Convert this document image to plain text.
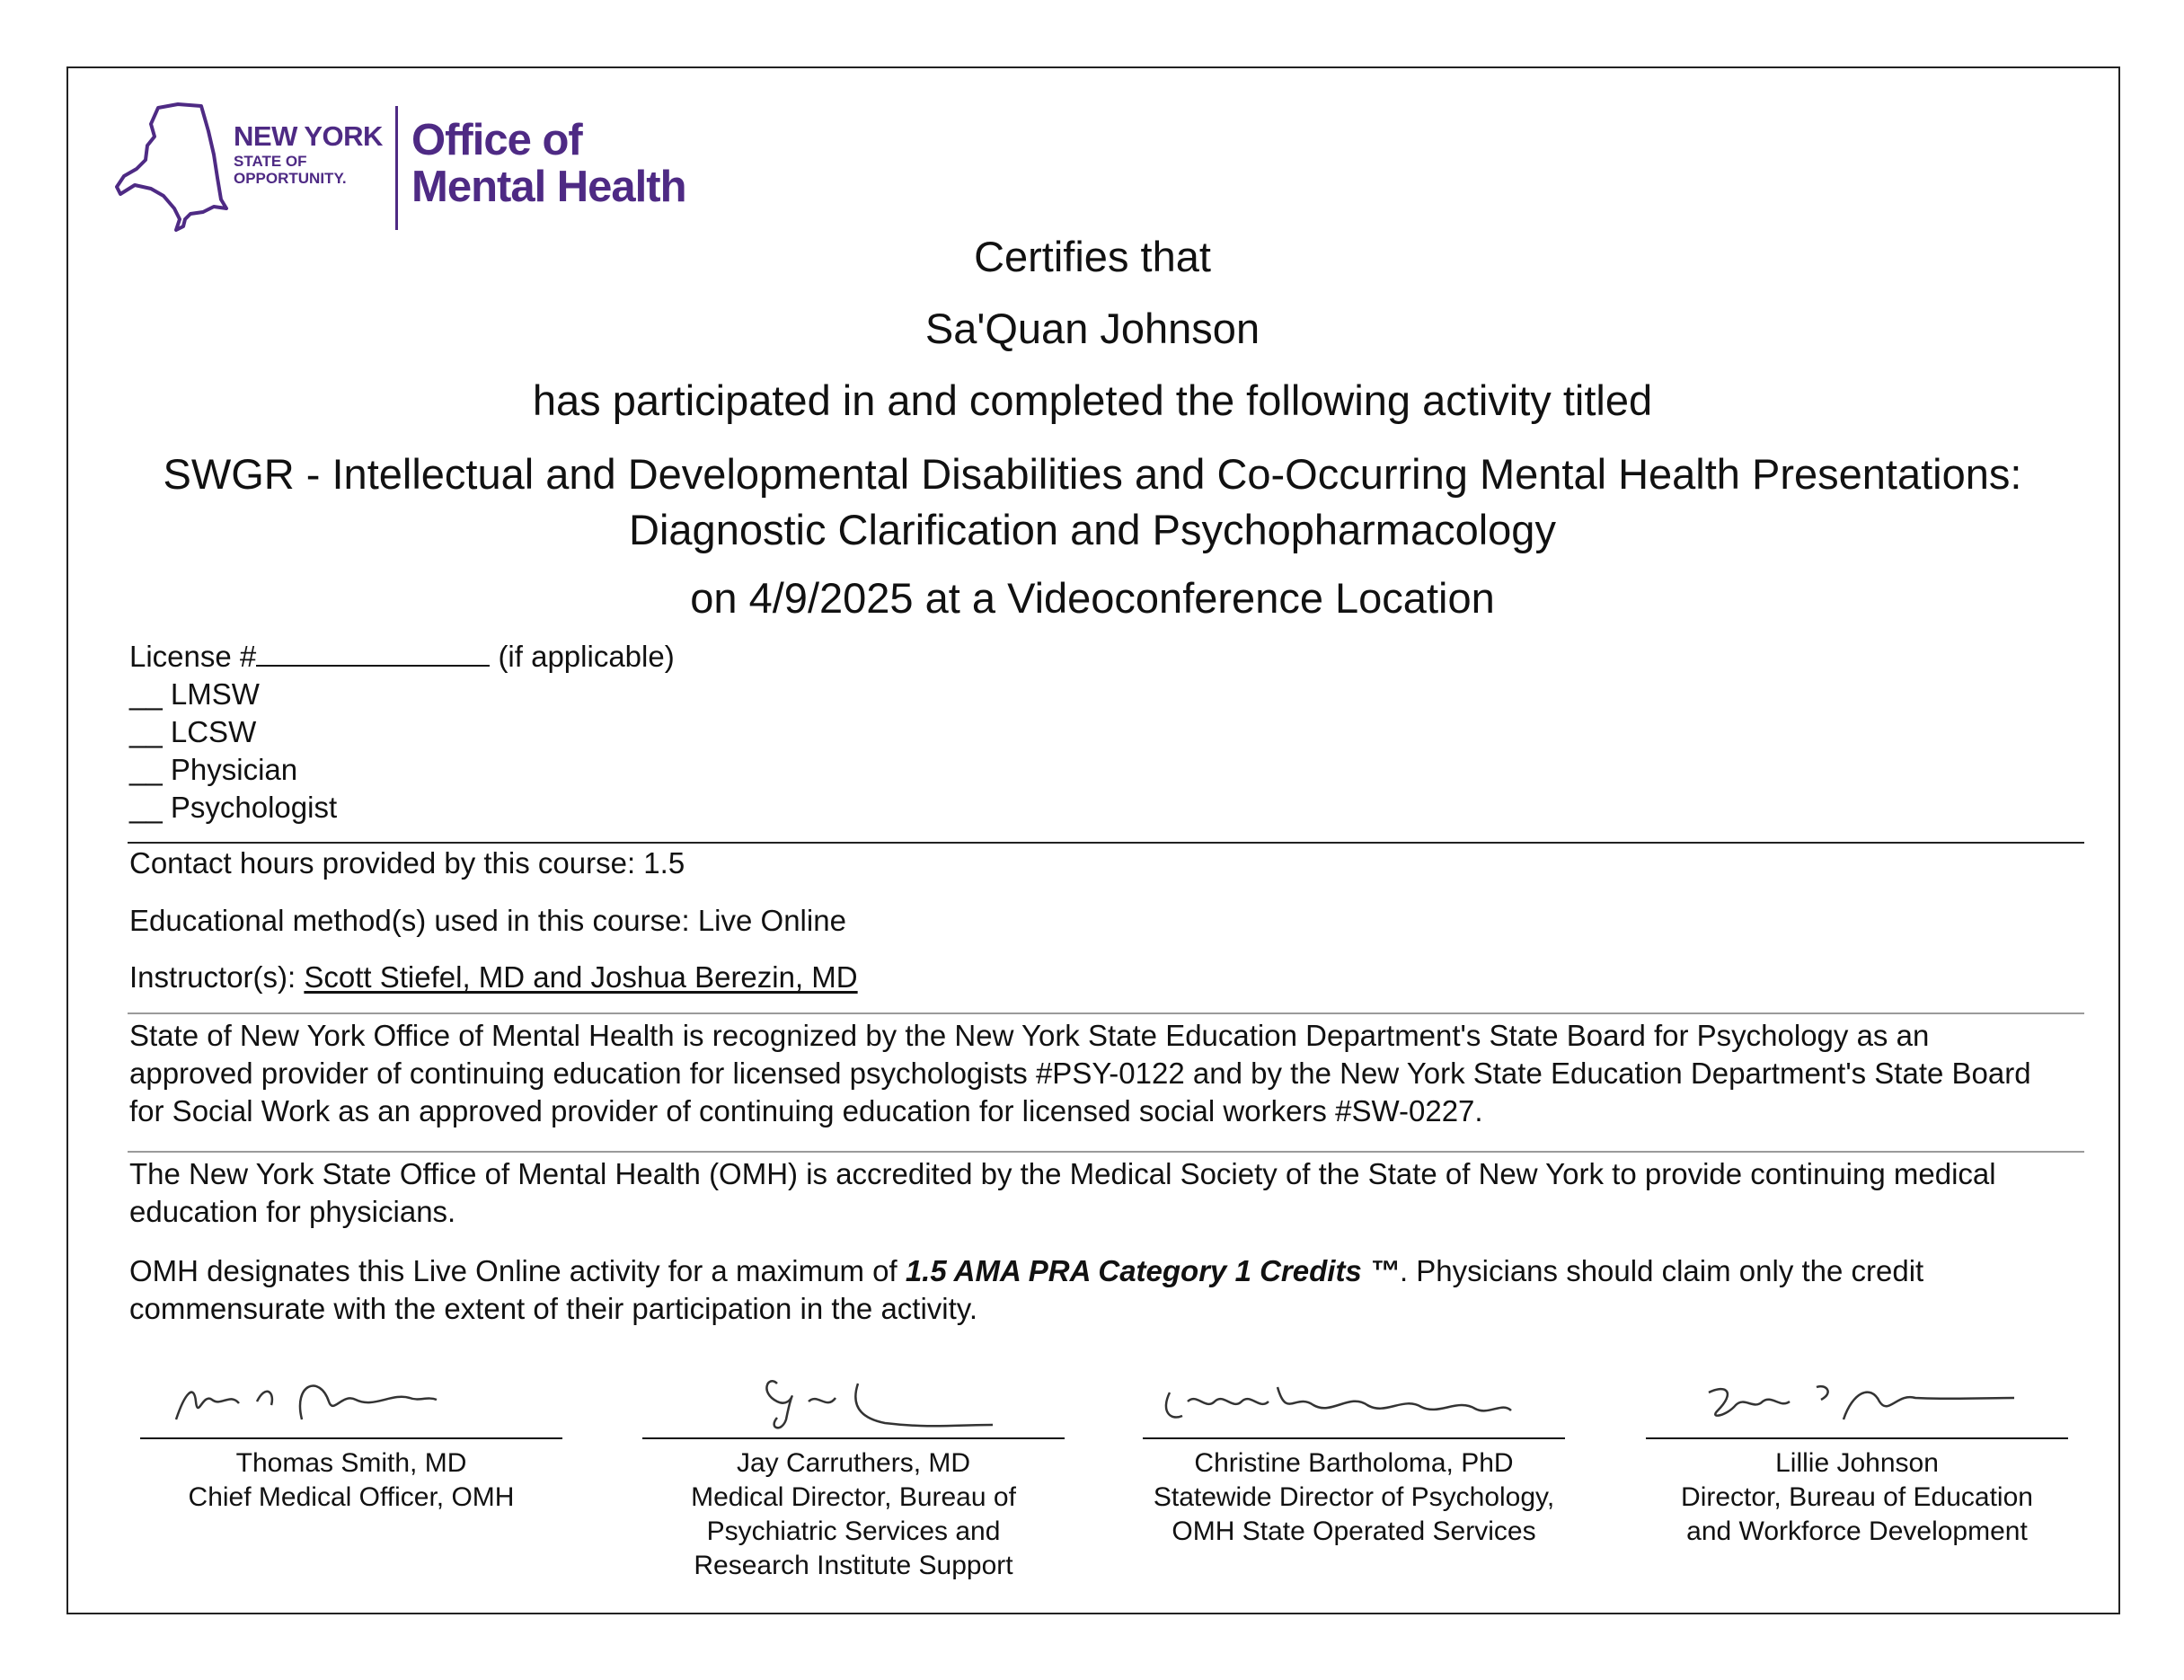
NEW YORK
STATE OF
OPPORTUNITY.
Office of
Mental Health
Certifies that
Sa'Quan Johnson
has participated in and completed the following activity titled
SWGR - Intellectual and Developmental Disabilities and Co-Occurring Mental Health Presentations:
Diagnostic Clarification and Psychopharmacology
on 4/9/2025 at a Videoconference Location
License #	(if applicable)
__ LMSW
__ LCSW
__ Physician
__ Psychologist
Contact hours provided by this course: 1.5
Educational method(s) used in this course: Live Online
Instructor(s): Scott Stiefel, MD and Joshua Berezin, MD
State of New York Office of Mental Health is recognized by the New York State Education Department's State Board for Psychology as an approved provider of continuing education for licensed psychologists #PSY-0122 and by the New York State Education Department's State Board for Social Work as an approved provider of continuing education for licensed social workers #SW-0227.
The New York State Office of Mental Health (OMH) is accredited by the Medical Society of the State of New York to provide continuing medical education for physicians.
OMH designates this Live Online activity for a maximum of 1.5 AMA PRA Category 1 Credits ™. Physicians should claim only the credit commensurate with the extent of their participation in the activity.
Thomas Smith, MD
Chief Medical Officer, OMH
Jay Carruthers, MD
Medical Director, Bureau of
Psychiatric Services and
Research Institute Support
Christine Bartholoma, PhD
Statewide Director of Psychology,
OMH State Operated Services
Lillie Johnson
Director, Bureau of Education
and Workforce Development
